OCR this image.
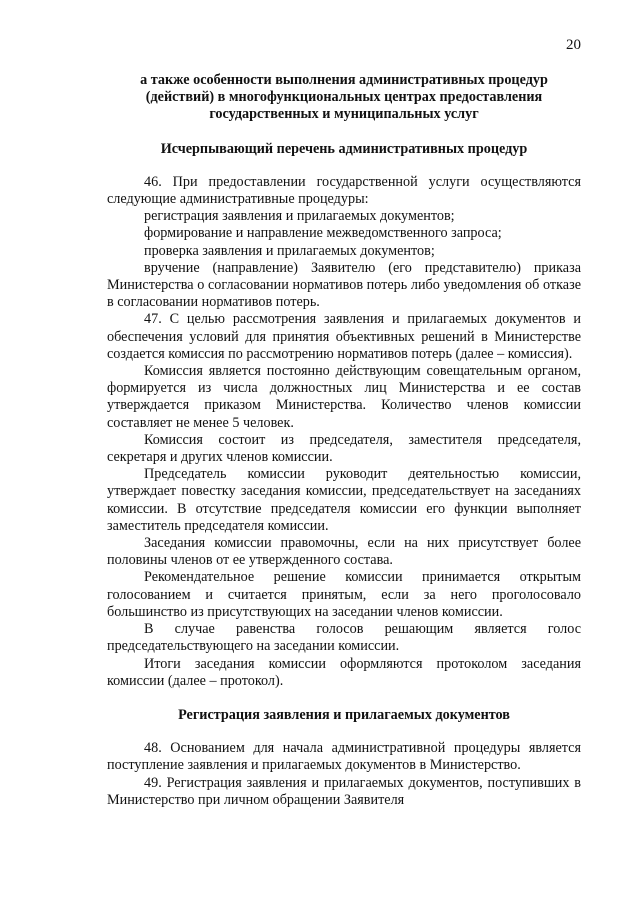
20

а также особенности выполнения административных процедур

(действий) в многофункциональных центрах предоставления

государственных и муниципальных услуг

Исчерпывающий перечень административных процедур

46. При предоставлении государственной услуги осуществляются следующие административные процедуры:

регистрация заявления и прилагаемых документов;

формирование и направление межведомственного запроса;

проверка заявления и прилагаемых документов;

вручение (направление) Заявителю (его представителю) приказа Министерства о согласовании нормативов потерь либо уведомления об отказе в согласовании нормативов потерь.

47. С целью рассмотрения заявления и прилагаемых документов и обеспечения условий для принятия объективных решений в Министерстве создается комиссия по рассмотрению нормативов потерь (далее – комиссия).

Комиссия является постоянно действующим совещательным органом, формируется из числа должностных лиц Министерства и ее состав утверждается приказом Министерства. Количество членов комиссии составляет не менее 5 человек.

Комиссия состоит из председателя, заместителя председателя, секретаря и других членов комиссии.

Председатель комиссии руководит деятельностью комиссии, утверждает повестку заседания комиссии, председательствует на заседаниях комиссии. В отсутствие председателя комиссии его функции выполняет заместитель председателя комиссии.

Заседания комиссии правомочны, если на них присутствует более половины членов от ее утвержденного состава.

Рекомендательное решение комиссии принимается открытым голосованием и считается принятым, если за него проголосовало большинство из присутствующих на заседании членов комиссии.

В случае равенства голосов решающим является голос председательствующего на заседании комиссии.

Итоги заседания комиссии оформляются протоколом заседания комиссии (далее – протокол).

Регистрация заявления и прилагаемых документов

48. Основанием для начала административной процедуры является поступление заявления и прилагаемых документов в Министерство.

49. Регистрация заявления и прилагаемых документов, поступивших в Министерство при личном обращении Заявителя
